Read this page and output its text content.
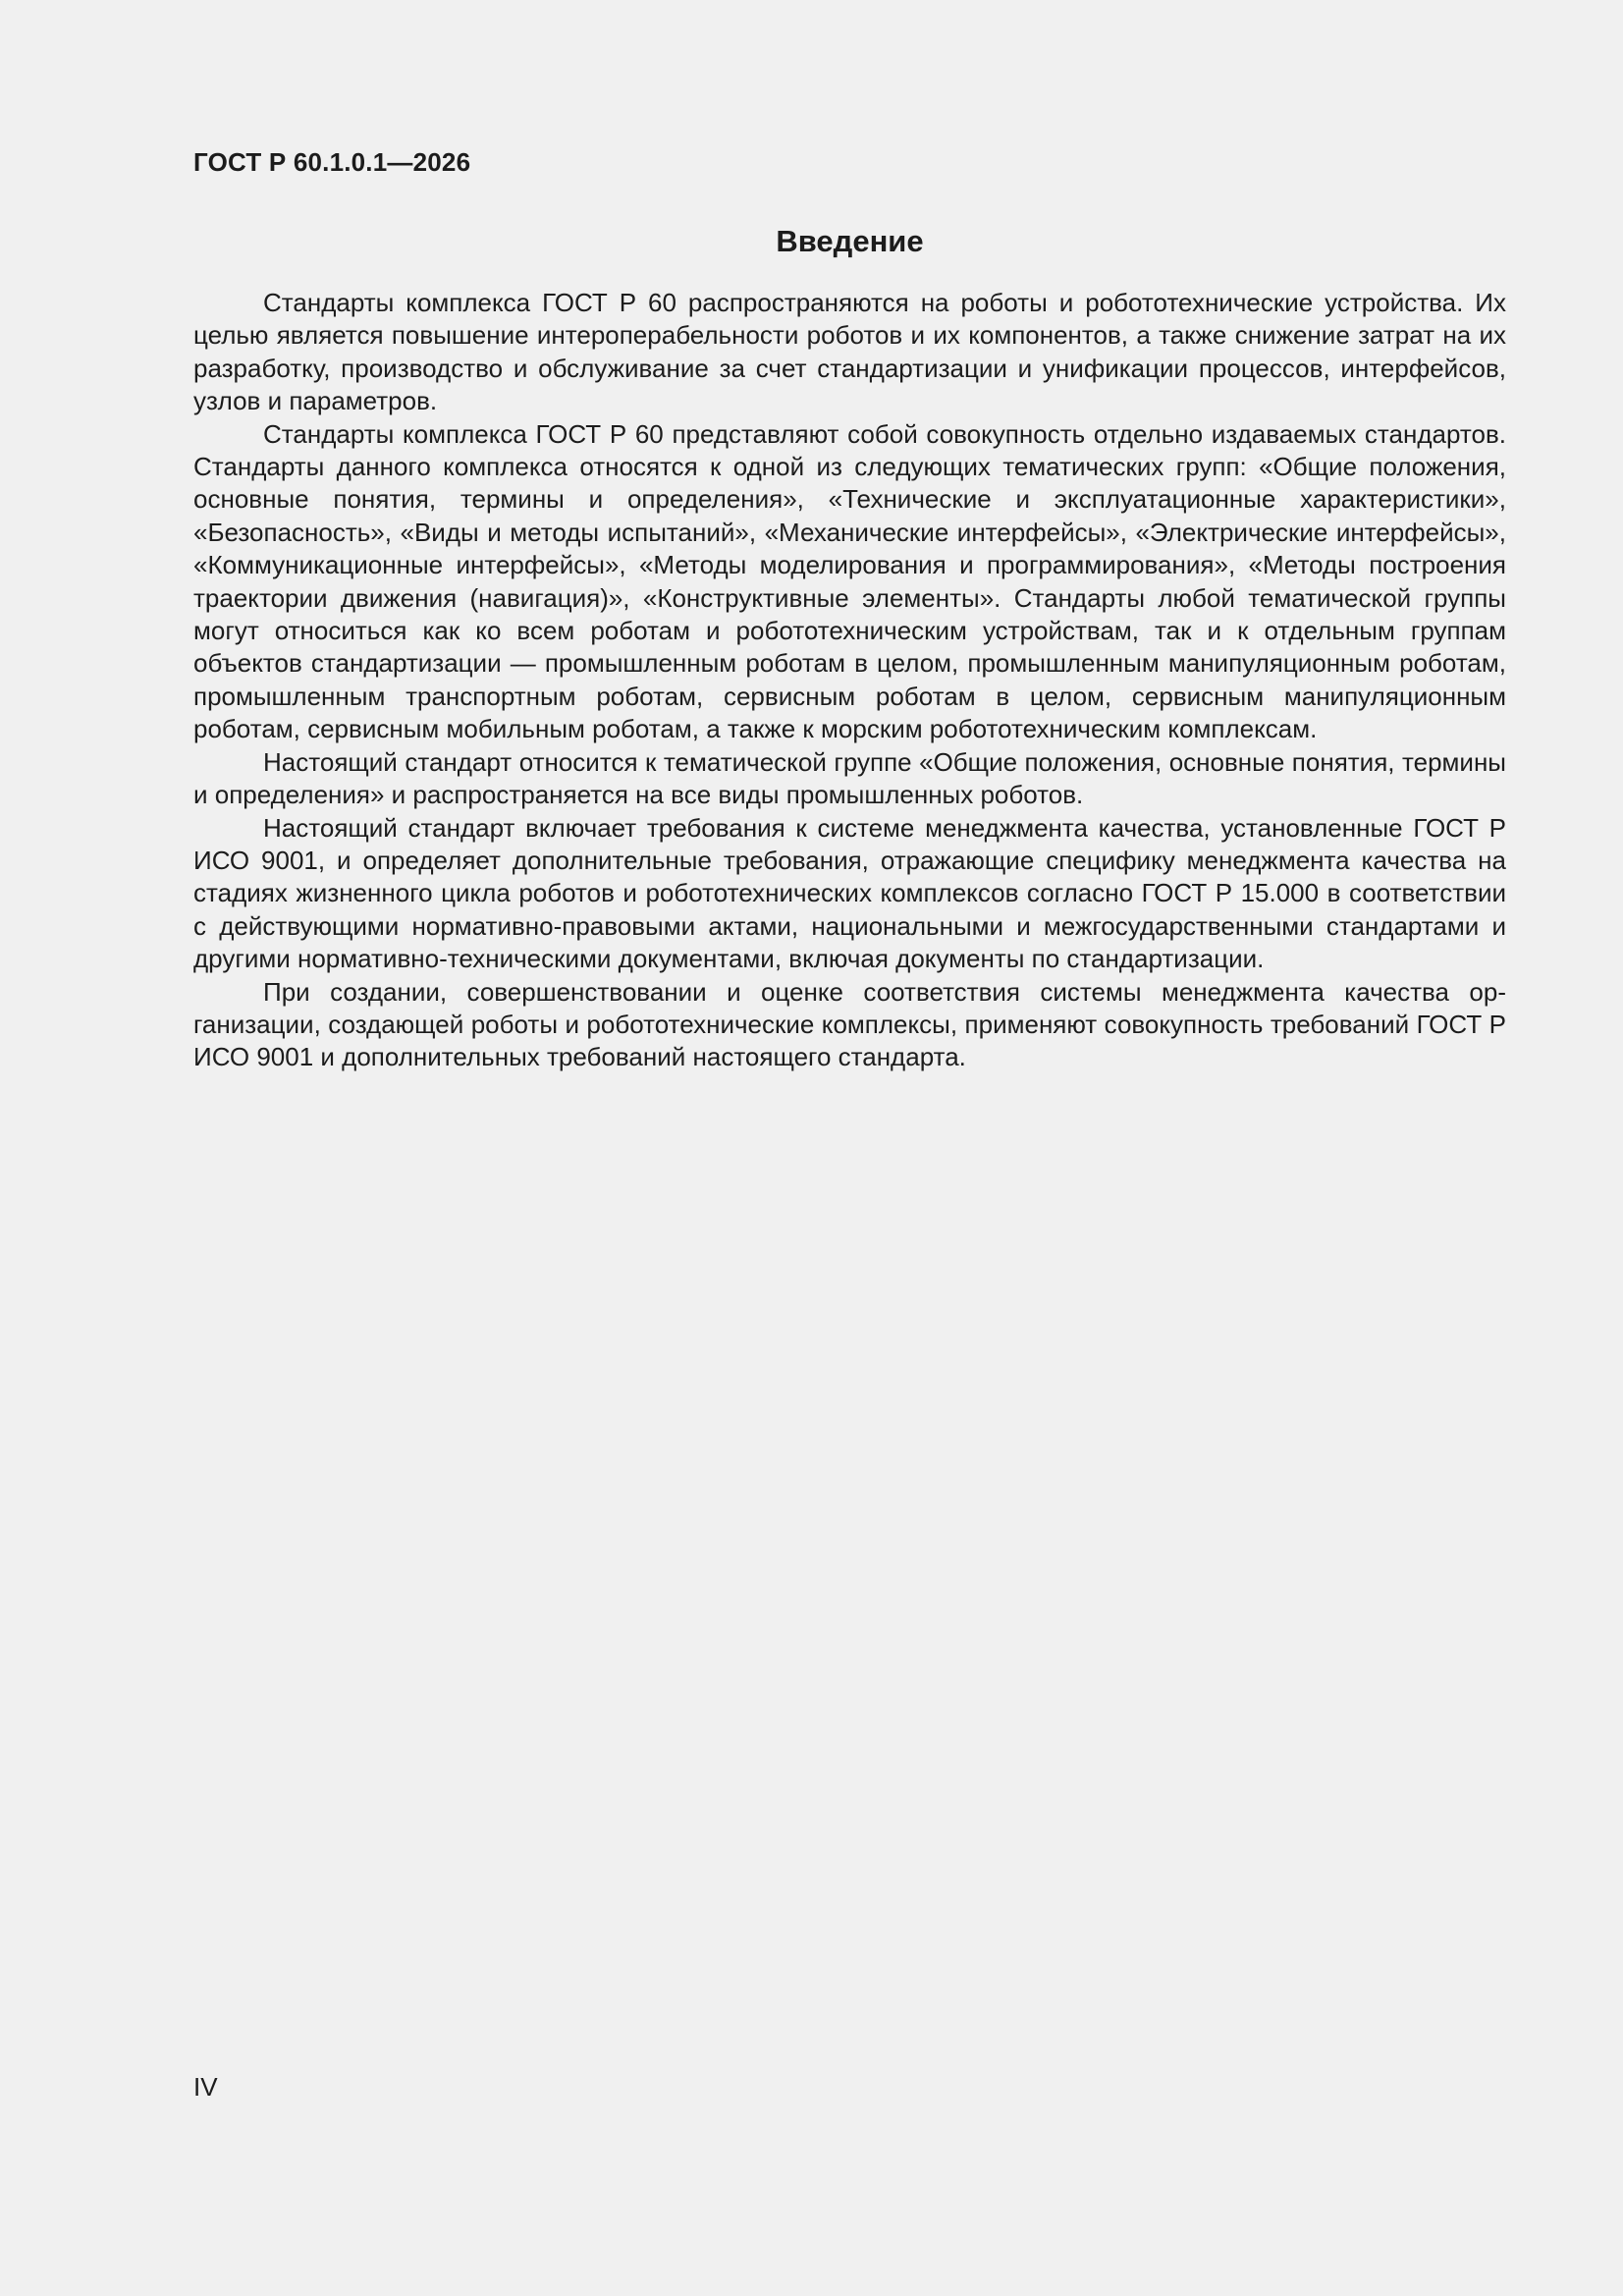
ГОСТ Р 60.1.0.1—2026
Введение

Стандарты комплекса ГОСТ Р 60 распространяются на роботы и робототехнические устройства. Их целью является повышение интероперабельности роботов и их компонентов, а также снижение затрат на их разработку, производство и обслуживание за счет стандартизации и унификации процессов, интерфейсов, узлов и параметров.

Стандарты комплекса ГОСТ Р 60 представляют собой совокупность отдельно издаваемых стандартов. Стандарты данного комплекса относятся к одной из следующих тематических групп: «Общие положения, основные понятия, термины и определения», «Технические и эксплуатационные характеристики», «Безопасность», «Виды и методы испытаний», «Механические интерфейсы», «Электрические интерфейсы», «Коммуникационные интерфейсы», «Методы моделирования и программирования», «Методы построения траектории движения (навигация)», «Конструктивные элементы». Стандарты любой тематической группы могут относиться как ко всем роботам и робототехническим устройствам, так и к отдельным группам объектов стандартизации — промышленным роботам в целом, промышленным манипуляционным роботам, промышленным транспортным роботам, сервисным роботам в целом, сервисным манипуляционным роботам, сервисным мобильным роботам, а также к морским робототехническим комплексам.

Настоящий стандарт относится к тематической группе «Общие положения, основные понятия, термины и определения» и распространяется на все виды промышленных роботов.

Настоящий стандарт включает требования к системе менеджмента качества, установленные ГОСТ Р ИСО 9001, и определяет дополнительные требования, отражающие специфику менеджмента качества на стадиях жизненного цикла роботов и робототехнических комплексов согласно ГОСТ Р 15.000 в соответствии с действующими нормативно-правовыми актами, национальными и межгосударственными стандартами и другими нормативно-техническими документами, включая документы по стандартизации.

При создании, совершенствовании и оценке соответствия системы менеджмента качества организации, создающей роботы и робототехнические комплексы, применяют совокупность требований ГОСТ Р ИСО 9001 и дополнительных требований настоящего стандарта.

IV
